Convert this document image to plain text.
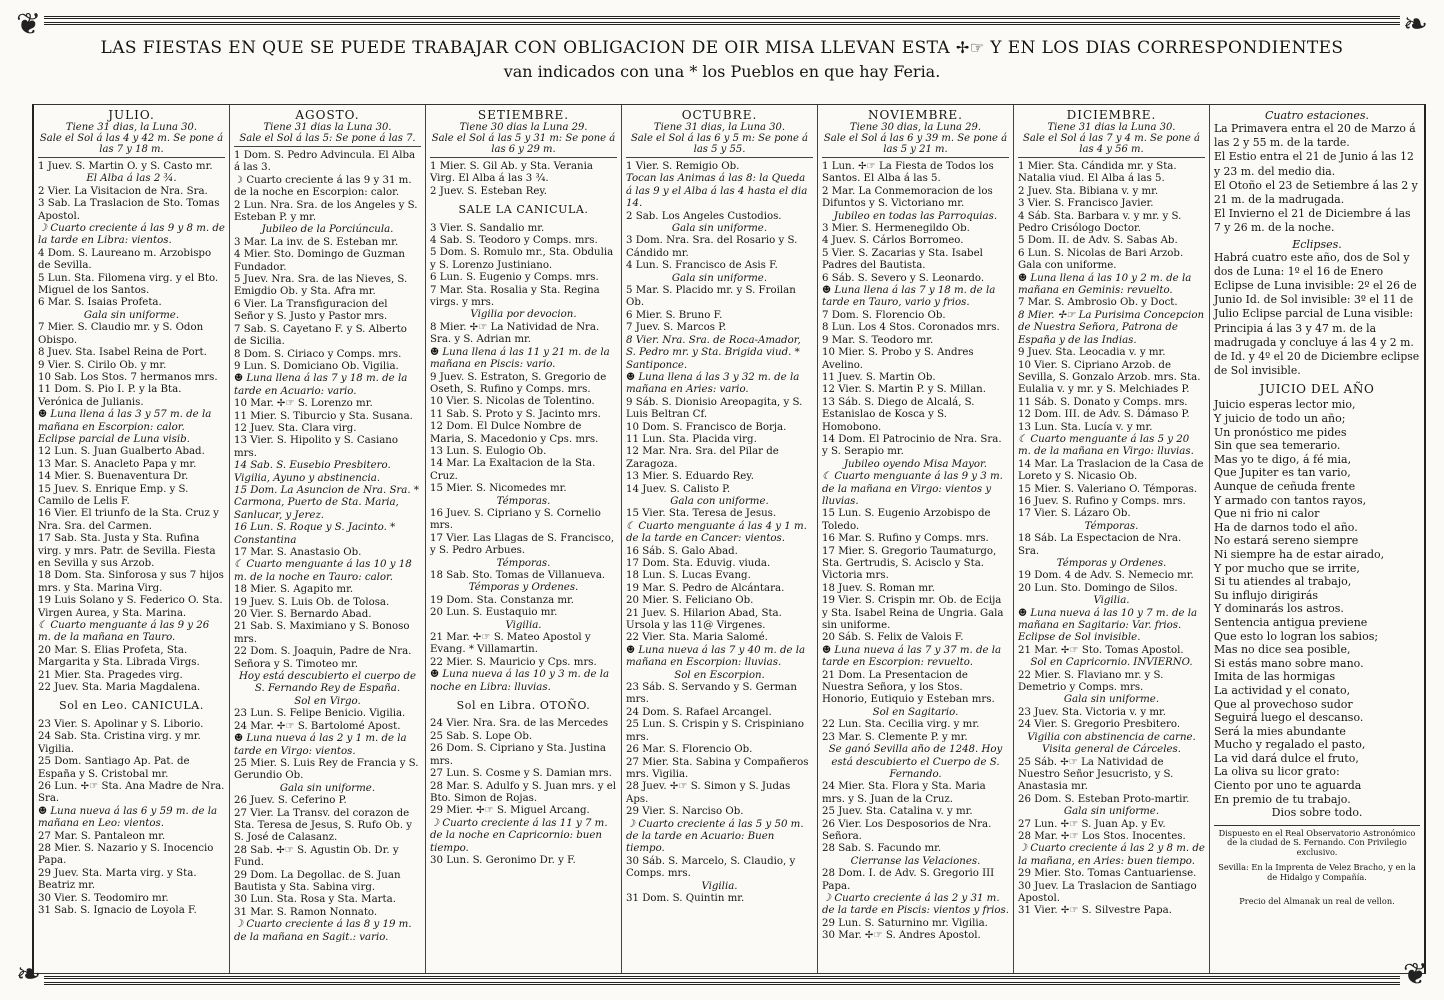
❦	❧
LAS FIESTAS EN QUE SE PUEDE TRABAJAR CON OBLIGACION DE OIR MISA LLEVAN ESTA ✢☞ Y EN LOS DIAS CORRESPONDIENTES
van indicados con una * los Pueblos en que hay Feria.
JULIO.
Tiene 31 dias, la Luna 30.
Sale el Sol á las 4 y 42 m. Se pone á las 7 y 18 m.

1 Juev. S. Martin O. y S. Casto mr.

El Alba á las 2 ¾.

2 Vier. La Visitacion de Nra. Sra.

3 Sab. La Traslacion de Sto. Tomas Apostol.

☽ Cuarto creciente á las 9 y 8 m. de la tarde en Libra: vientos.

4 Dom. S. Laureano m. Arzobispo de Sevilla.

5 Lun. Sta. Filomena virg. y el Bto. Miguel de los Santos.

6 Mar. S. Isaias Profeta.

Gala sin uniforme.

7 Mier. S. Claudio mr. y S. Odon Obispo.

8 Juev. Sta. Isabel Reina de Port.

9 Vier. S. Cirilo Ob. y mr.

10 Sab. Los Stos. 7 hermanos mrs.

11 Dom. S. Pio I. P. y la Bta. Verónica de Julianis.

☻ Luna llena á las 3 y 57 m. de la mañana en Escorpion: calor. Eclipse parcial de Luna visib.

12 Lun. S. Juan Gualberto Abad.

13 Mar. S. Anacleto Papa y mr.

14 Mier. S. Buenaventura Dr.

15 Juev. S. Enrique Emp. y S. Camilo de Lelis F.

16 Vier. El triunfo de la Sta. Cruz y Nra. Sra. del Carmen.

17 Sab. Sta. Justa y Sta. Rufina virg. y mrs. Patr. de Sevilla. Fiesta en Sevilla y sus Arzob.

18 Dom. Sta. Sinforosa y sus 7 hijos mrs. y Sta. Marina Virg.

19 Luis Solano y S. Federico O. Sta. Virgen Aurea, y Sta. Marina.

☾ Cuarto menguante á las 9 y 26 m. de la mañana en Tauro.

20 Mar. S. Elias Profeta, Sta. Margarita y Sta. Librada Virgs.

21 Mier. Sta. Pragedes virg.

22 Juev. Sta. Maria Magdalena.

Sol en Leo. CANICULA.

23 Vier. S. Apolinar y S. Liborio.

24 Sab. Sta. Cristina virg. y mr. Vigilia.

25 Dom. Santiago Ap. Pat. de España y S. Cristobal mr.

26 Lun. ✢☞ Sta. Ana Madre de Nra. Sra.

☻ Luna nueva á las 6 y 59 m. de la mañana en Leo: vientos.

27 Mar. S. Pantaleon mr.

28 Mier. S. Nazario y S. Inocencio Papa.

29 Juev. Sta. Marta virg. y Sta. Beatriz mr.

30 Vier. S. Teodomiro mr.

31 Sab. S. Ignacio de Loyola F.

AGOSTO.
Tiene 31 dias la Luna 30.
Sale el Sol á las 5: Se pone á las 7.

1 Dom. S. Pedro Advincula. El Alba á las 3.

☽ Cuarto creciente á las 9 y 31 m. de la noche en Escorpion: calor.

2 Lun. Nra. Sra. de los Angeles y S. Esteban P. y mr.

Jubileo de la Porciúncula.

3 Mar. La inv. de S. Esteban mr.

4 Mier. Sto. Domingo de Guzman Fundador.

5 Juev. Nra. Sra. de las Nieves, S. Emigdio Ob. y Sta. Afra mr.

6 Vier. La Transfiguracion del Señor y S. Justo y Pastor mrs.

7 Sab. S. Cayetano F. y S. Alberto de Sicilia.

8 Dom. S. Ciriaco y Comps. mrs.

9 Lun. S. Domiciano Ob. Vigilia.

☻ Luna llena á las 7 y 18 m. de la tarde en Acuario: vario.

10 Mar. ✢☞ S. Lorenzo mr.

11 Mier. S. Tiburcio y Sta. Susana.

12 Juev. Sta. Clara virg.

13 Vier. S. Hipolito y S. Casiano mrs.

14 Sab. S. Eusebio Presbitero. Vigilia, Ayuno y abstinencia.

15 Dom. La Asuncion de Nra. Sra. * Carmona, Puerto de Sta. Maria, Sanlucar, y Jerez.

16 Lun. S. Roque y S. Jacinto. * Constantina

17 Mar. S. Anastasio Ob.

☾ Cuarto menguante á las 10 y 18 m. de la noche en Tauro: calor.

18 Mier. S. Agapito mr.

19 Juev. S. Luis Ob. de Tolosa.

20 Vier. S. Bernardo Abad.

21 Sab. S. Maximiano y S. Bonoso mrs.

22 Dom. S. Joaquin, Padre de Nra. Señora y S. Timoteo mr.

Hoy está descubierto el cuerpo de S. Fernando Rey de España.

Sol en Virgo.

23 Lun. S. Felipe Benicio. Vigilia.

24 Mar. ✢☞ S. Bartolomé Apost.

☻ Luna nueva á las 2 y 1 m. de la tarde en Virgo: vientos.

25 Mier. S. Luis Rey de Francia y S. Gerundio Ob.

Gala sin uniforme.

26 Juev. S. Ceferino P.

27 Vier. La Transv. del corazon de Sta. Teresa de Jesus, S. Rufo Ob. y S. José de Calasanz.

28 Sab. ✢☞ S. Agustin Ob. Dr. y Fund.

29 Dom. La Degollac. de S. Juan Bautista y Sta. Sabina virg.

30 Lun. Sta. Rosa y Sta. Marta.

31 Mar. S. Ramon Nonnato.

☽ Cuarto creciente á las 8 y 19 m. de la mañana en Sagit.: vario.

SETIEMBRE.
Tiene 30 dias la Luna 29.
Sale el Sol á las 5 y 31 m: Se pone á las 6 y 29 m.

1 Mier. S. Gil Ab. y Sta. Verania Virg. El Alba á las 3 ¾.

2 Juev. S. Esteban Rey.

SALE LA CANICULA.

3 Vier. S. Sandalio mr.

4 Sab. S. Teodoro y Comps. mrs.

5 Dom. S. Romulo mr., Sta. Obdulia y S. Lorenzo Justiniano.

6 Lun. S. Eugenio y Comps. mrs.

7 Mar. Sta. Rosalia y Sta. Regina virgs. y mrs.

Vigilia por devocion.

8 Mier. ✢☞ La Natividad de Nra. Sra. y S. Adrian mr.

☻ Luna llena á las 11 y 21 m. de la mañana en Piscis: vario.

9 Juev. S. Estraton, S. Gregorio de Oseth, S. Rufino y Comps. mrs.

10 Vier. S. Nicolas de Tolentino.

11 Sab. S. Proto y S. Jacinto mrs.

12 Dom. El Dulce Nombre de Maria, S. Macedonio y Cps. mrs.

13 Lun. S. Eulogio Ob.

14 Mar. La Exaltacion de la Sta. Cruz.

15 Mier. S. Nicomedes mr.

Témporas.

16 Juev. S. Cipriano y S. Cornelio mrs.

17 Vier. Las Llagas de S. Francisco, y S. Pedro Arbues.

Témporas.

18 Sab. Sto. Tomas de Villanueva.

Témporas y Ordenes.

19 Dom. Sta. Constanza mr.

20 Lun. S. Eustaquio mr.

Vigilia.

21 Mar. ✢☞ S. Mateo Apostol y Evang. * Villamartin.

22 Mier. S. Mauricio y Cps. mrs.

☻ Luna nueva á las 10 y 3 m. de la noche en Libra: lluvias.

Sol en Libra. OTOÑO.

24 Vier. Nra. Sra. de las Mercedes

25 Sab. S. Lope Ob.

26 Dom. S. Cipriano y Sta. Justina mrs.

27 Lun. S. Cosme y S. Damian mrs.

28 Mar. S. Adulfo y S. Juan mrs. y el Bto. Simon de Rojas.

29 Mier. ✢☞ S. Miguel Arcang.

☽ Cuarto creciente á las 11 y 7 m. de la noche en Capricornio: buen tiempo.

30 Lun. S. Geronimo Dr. y F.

OCTUBRE.
Tiene 31 dias, la Luna 30.
Sale el Sol á las 6 y 5 m: Se pone á las 5 y 55.

1 Vier. S. Remigio Ob.

Tocan las Animas á las 8: la Queda á las 9 y el Alba á las 4 hasta el dia 14.

2 Sab. Los Angeles Custodios.

Gala sin uniforme.

3 Dom. Nra. Sra. del Rosario y S. Cándido mr.

4 Lun. S. Francisco de Asis F.

Gala sin uniforme.

5 Mar. S. Placido mr. y S. Froilan Ob.

6 Mier. S. Bruno F.

7 Juev. S. Marcos P.

8 Vier. Nra. Sra. de Roca-Amador, S. Pedro mr. y Sta. Brigida viud. * Santiponce.

☻ Luna llena á las 3 y 32 m. de la mañana en Aries: vario.

9 Sáb. S. Dionisio Areopagita, y S. Luis Beltran Cf.

10 Dom. S. Francisco de Borja.

11 Lun. Sta. Placida virg.

12 Mar. Nra. Sra. del Pilar de Zaragoza.

13 Mier. S. Eduardo Rey.

14 Juev. S. Calisto P.

Gala con uniforme.

15 Vier. Sta. Teresa de Jesus.

☾ Cuarto menguante á las 4 y 1 m. de la tarde en Cancer: vientos.

16 Sáb. S. Galo Abad.

17 Dom. Sta. Eduvig. viuda.

18 Lun. S. Lucas Evang.

19 Mar. S. Pedro de Alcántara.

20 Mier. S. Feliciano Ob.

21 Juev. S. Hilarion Abad, Sta. Ursola y las 11@ Virgenes.

22 Vier. Sta. Maria Salomé.

☻ Luna nueva á las 7 y 40 m. de la mañana en Escorpion: lluvias.

Sol en Escorpion.

23 Sáb. S. Servando y S. German mrs.

24 Dom. S. Rafael Arcangel.

25 Lun. S. Crispin y S. Crispiniano mrs.

26 Mar. S. Florencio Ob.

27 Mier. Sta. Sabina y Compañeros mrs. Vigilia.

28 Juev. ✢☞ S. Simon y S. Judas Aps.

29 Vier. S. Narciso Ob.

☽ Cuarto creciente á las 5 y 50 m. de la tarde en Acuario: Buen tiempo.

30 Sáb. S. Marcelo, S. Claudio, y Comps. mrs.

Vigilia.

31 Dom. S. Quintin mr.

NOVIEMBRE.
Tiene 30 dias, la Luna 29.
Sale el Sol á las 6 y 39 m. Se pone á las 5 y 21 m.

1 Lun. ✢☞ La Fiesta de Todos los Santos. El Alba á las 5.

2 Mar. La Conmemoracion de los Difuntos y S. Victoriano mr.

Jubileo en todas las Parroquias.

3 Mier. S. Hermenegildo Ob.

4 Juev. S. Cárlos Borromeo.

5 Vier. S. Zacarias y Sta. Isabel Padres del Bautista.

6 Sáb. S. Severo y S. Leonardo.

☻ Luna llena á las 7 y 18 m. de la tarde en Tauro, vario y frios.

7 Dom. S. Florencio Ob.

8 Lun. Los 4 Stos. Coronados mrs.

9 Mar. S. Teodoro mr.

10 Mier. S. Probo y S. Andres Avelino.

11 Juev. S. Martin Ob.

12 Vier. S. Martin P. y S. Millan.

13 Sáb. S. Diego de Alcalá, S. Estanislao de Kosca y S. Homobono.

14 Dom. El Patrocinio de Nra. Sra. y S. Serapio mr.

Jubileo oyendo Misa Mayor.

☾ Cuarto menguante á las 9 y 3 m. de la mañana en Virgo: vientos y lluvias.

15 Lun. S. Eugenio Arzobispo de Toledo.

16 Mar. S. Rufino y Comps. mrs.

17 Mier. S. Gregorio Taumaturgo, Sta. Gertrudis, S. Acisclo y Sta. Victoria mrs.

18 Juev. S. Roman mr.

19 Vier. S. Crispin mr. Ob. de Ecija y Sta. Isabel Reina de Ungria. Gala sin uniforme.

20 Sáb. S. Felix de Valois F.

☻ Luna nueva á las 7 y 37 m. de la tarde en Escorpion: revuelto.

21 Dom. La Presentacion de Nuestra Señora, y los Stos. Honorio, Eutiquio y Esteban mrs.

Sol en Sagitario.

22 Lun. Sta. Cecilia virg. y mr.

23 Mar. S. Clemente P. y mr.

Se ganó Sevilla año de 1248. Hoy está descubierto el Cuerpo de S. Fernando.

24 Mier. Sta. Flora y Sta. Maria mrs. y S. Juan de la Cruz.

25 Juev. Sta. Catalina v. y mr.

26 Vier. Los Desposorios de Nra. Señora.

28 Sab. S. Facundo mr.

Cierranse las Velaciones.

28 Dom. I. de Adv. S. Gregorio III Papa.

☽ Cuarto creciente á las 2 y 31 m. de la tarde en Piscis: vientos y frios.

29 Lun. S. Saturnino mr. Vigilia.

30 Mar. ✢☞ S. Andres Apostol.

DICIEMBRE.
Tiene 31 dias la Luna 30.
Sale el Sol á las 7 y 4 m. Se pone á las 4 y 56 m.

1 Mier. Sta. Cándida mr. y Sta. Natalia viud. El Alba á las 5.

2 Juev. Sta. Bibiana v. y mr.

3 Vier. S. Francisco Javier.

4 Sáb. Sta. Barbara v. y mr. y S. Pedro Crisólogo Doctor.

5 Dom. II. de Adv. S. Sabas Ab.

6 Lun. S. Nicolas de Bari Arzob. Gala con uniforme.

☻ Luna llena á las 10 y 2 m. de la mañana en Geminis: revuelto.

7 Mar. S. Ambrosio Ob. y Doct.

8 Mier. ✢☞ La Purisima Concepcion de Nuestra Señora, Patrona de España y de las Indias.

9 Juev. Sta. Leocadia v. y mr.

10 Vier. S. Cipriano Arzob. de Sevilla, S. Gonzalo Arzob. mrs. Sta. Eulalia v. y mr. y S. Melchiades P.

11 Sáb. S. Donato y Comps. mrs.

12 Dom. III. de Adv. S. Dámaso P.

13 Lun. Sta. Lucía v. y mr.

☾ Cuarto menguante á las 5 y 20 m. de la mañana en Virgo: lluvias.

14 Mar. La Traslacion de la Casa de Loreto y S. Nicasio Ob.

15 Mier. S. Valeriano O. Témporas.

16 Juev. S. Rufino y Comps. mrs.

17 Vier. S. Lázaro Ob.

Témporas.

18 Sáb. La Espectacion de Nra. Sra.

Témporas y Ordenes.

19 Dom. 4 de Adv. S. Nemecio mr.

20 Lun. Sto. Domingo de Silos.

Vigilia.

☻ Luna nueva á las 10 y 7 m. de la mañana en Sagitario: Var. frios. Eclipse de Sol invisible.

21 Mar. ✢☞ Sto. Tomas Apostol.

Sol en Capricornio. INVIERNO.

22 Mier. S. Flaviano mr. y S. Demetrio y Comps. mrs.

Gala sin uniforme.

23 Juev. Sta. Victoria v. y mr.

24 Vier. S. Gregorio Presbitero.

Vigilia con abstinencia de carne. Visita general de Cárceles.

25 Sáb. ✢☞ La Natividad de Nuestro Señor Jesucristo, y S. Anastasia mr.

26 Dom. S. Esteban Proto-martir.

Gala sin uniforme.

27 Lun. ✢☞ S. Juan Ap. y Ev.

28 Mar. ✢☞ Los Stos. Inocentes.

☽ Cuarto creciente á las 2 y 8 m. de la mañana, en Aries: buen tiempo.

29 Mier. Sto. Tomas Cantuariense.

30 Juev. La Traslacion de Santiago Apostol.

31 Vier. ✢☞ S. Silvestre Papa.

Cuatro estaciones.

La Primavera entra el 20 de Marzo á las 2 y 55 m. de la tarde.

El Estio entra el 21 de Junio á las 12 y 23 m. del medio dia.

El Otoño el 23 de Setiembre á las 2 y 21 m. de la madrugada.

El Invierno el 21 de Diciembre á las 7 y 26 m. de la noche.

Eclipses.
Habrá cuatro este año, dos de Sol y dos de Luna: 1º el 16 de Enero Eclipse de Luna invisible: 2º el 26 de Junio Id. de Sol invisible: 3º el 11 de Julio Eclipse parcial de Luna visible: Principia á las 3 y 47 m. de la madrugada y concluye á las 4 y 2 m. de Id. y 4º el 20 de Diciembre eclipse de Sol invisible.
JUICIO DEL AÑO

Juicio esperas lector mio,

Y juicio de todo un año;

Un pronóstico me pides

Sin que sea temerario.

Mas yo te digo, á fé mia,

Que Jupiter es tan vario,

Aunque de ceñuda frente

Y armado con tantos rayos,

Que ni frio ni calor

Ha de darnos todo el año.

No estará sereno siempre

Ni siempre ha de estar airado,

Y por mucho que se irrite,

Si tu atiendes al trabajo,

Su influjo dirigirás

Y dominarás los astros.

Sentencia antigua previene

Que esto lo logran los sabios;

Mas no dice sea posible,

Si estás mano sobre mano.

Imita de las hormigas

La actividad y el conato,

Que al provechoso sudor

Seguirá luego el descanso.

Será la mies abundante

Mucho y regalado el pasto,

La vid dará dulce el fruto,

La oliva su licor grato:

Ciento por uno te aguarda

En premio de tu trabajo.

Dios sobre todo.
Dispuesto en el Real Observatorio Astronómico de la ciudad de S. Fernando. Con Privilegio exclusivo.
Sevilla: En la Imprenta de Velez Bracho, y en la de Hidalgo y Compañía.
Precio del Almanak un real de vellon.
❧	❦
